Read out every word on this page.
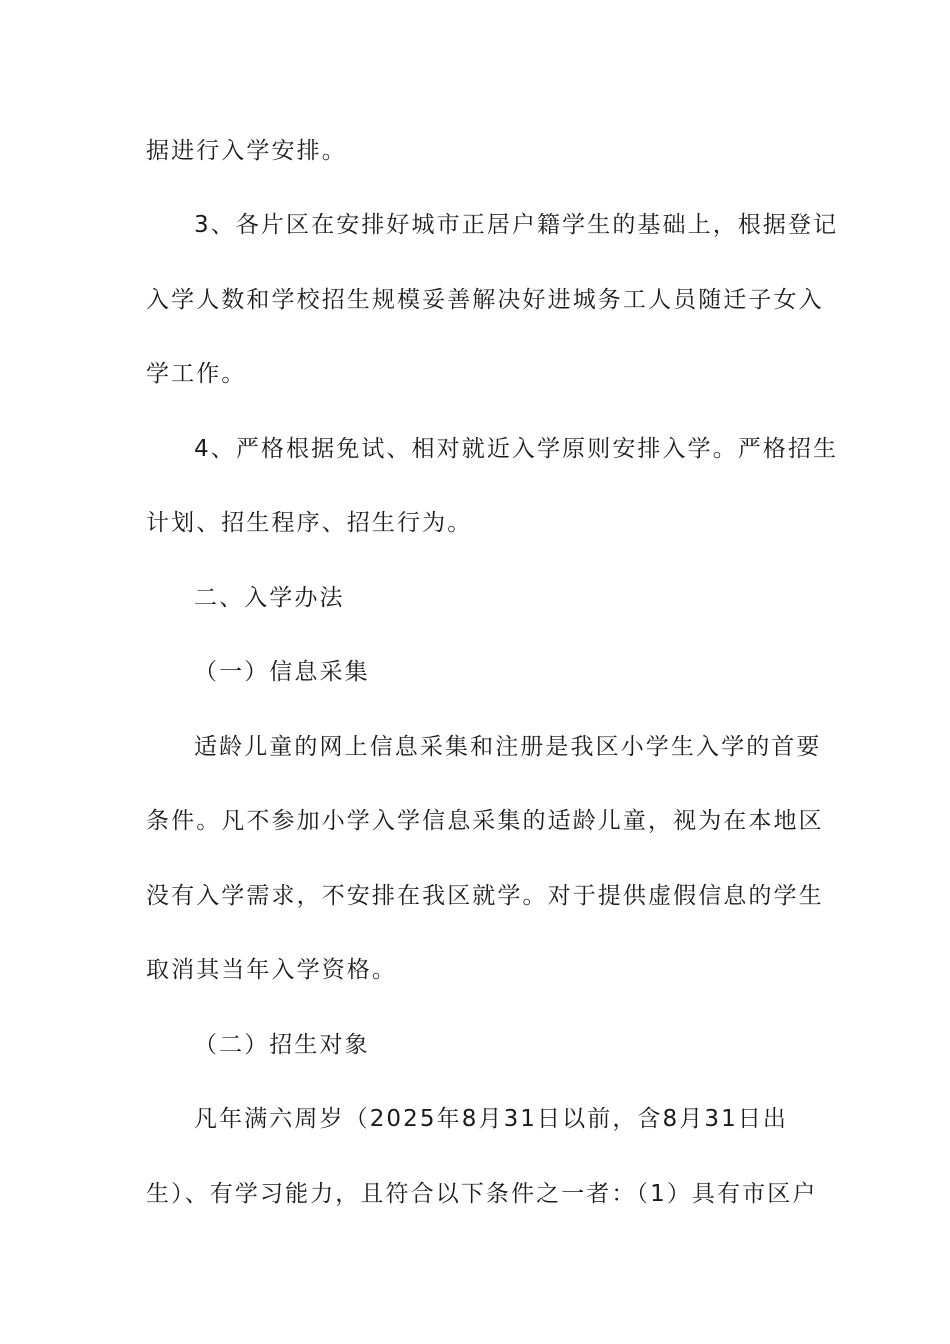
据进行入学安排。

3、各片区在安排好城市正居户籍学生的基础上，根据登记

入学人数和学校招生规模妥善解决好进城务工人员随迁子女入

学工作。

4、严格根据免试、相对就近入学原则安排入学。严格招生

计划、招生程序、招生行为。

二、入学办法

（一）信息采集

适龄儿童的网上信息采集和注册是我区小学生入学的首要

条件。凡不参加小学入学信息采集的适龄儿童，视为在本地区

没有入学需求，不安排在我区就学。对于提供虚假信息的学生

取消其当年入学资格。

（二）招生对象

凡年满六周岁（2025年8月31日以前，含8月31日出

生）、有学习能力，且符合以下条件之一者：（1）具有市区户
